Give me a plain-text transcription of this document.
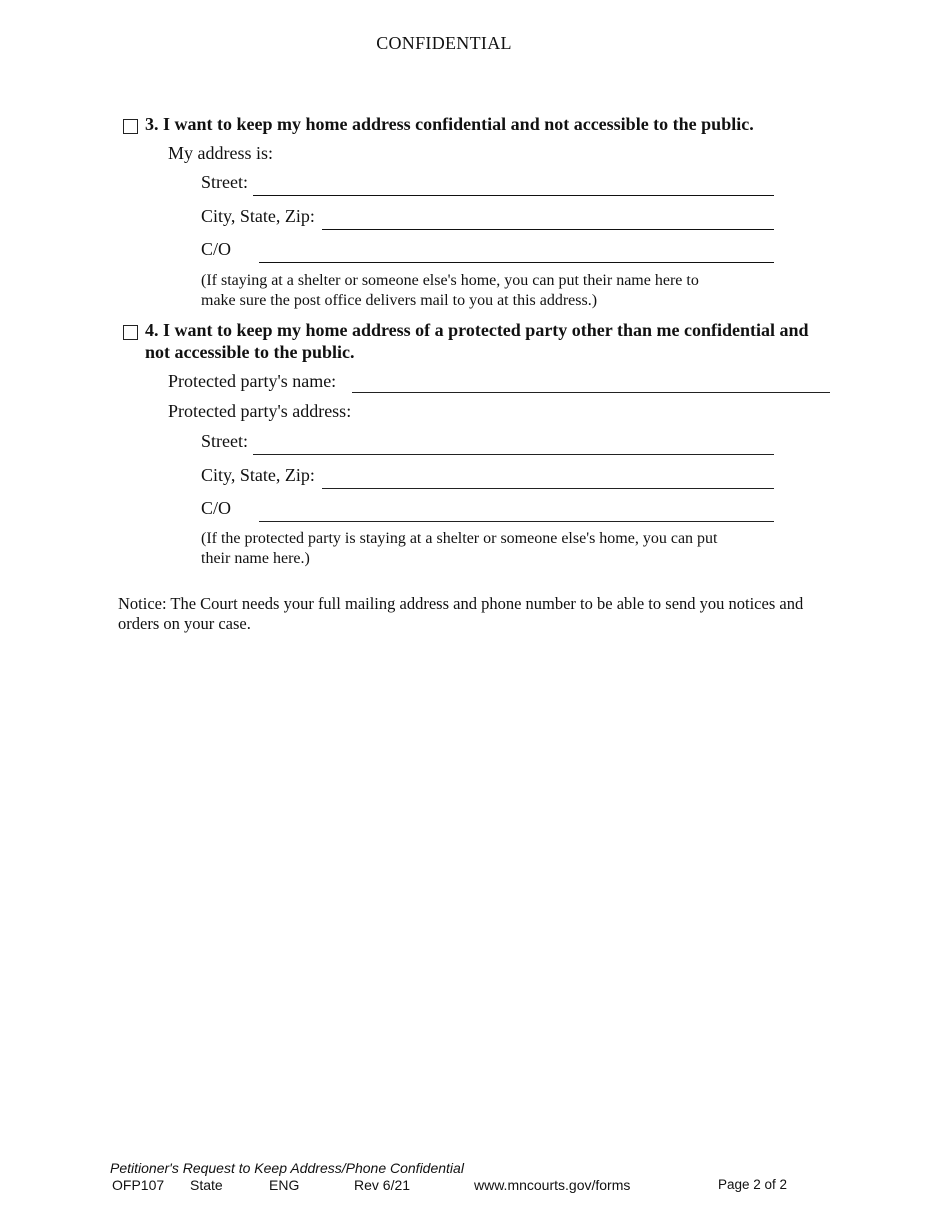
CONFIDENTIAL
3. I want to keep my home address confidential and not accessible to the public.
My address is:
Street:
City, State, Zip:
C/O
(If staying at a shelter or someone else's home, you can put their name here to
make sure the post office delivers mail to you at this address.)
4. I want to keep my home address of a protected party other than me confidential and
not accessible to the public.
Protected party's name:
Protected party's address:
Street:
City, State, Zip:
C/O
(If the protected party is staying at a shelter or someone else's home, you can put
their name here.)
Notice: The Court needs your full mailing address and phone number to be able to send you notices and
orders on your case.
Petitioner's Request to Keep Address/Phone Confidential
OFP107 State	ENG	Rev 6/21	www.mncourts.gov/forms	Page 2 of 2
